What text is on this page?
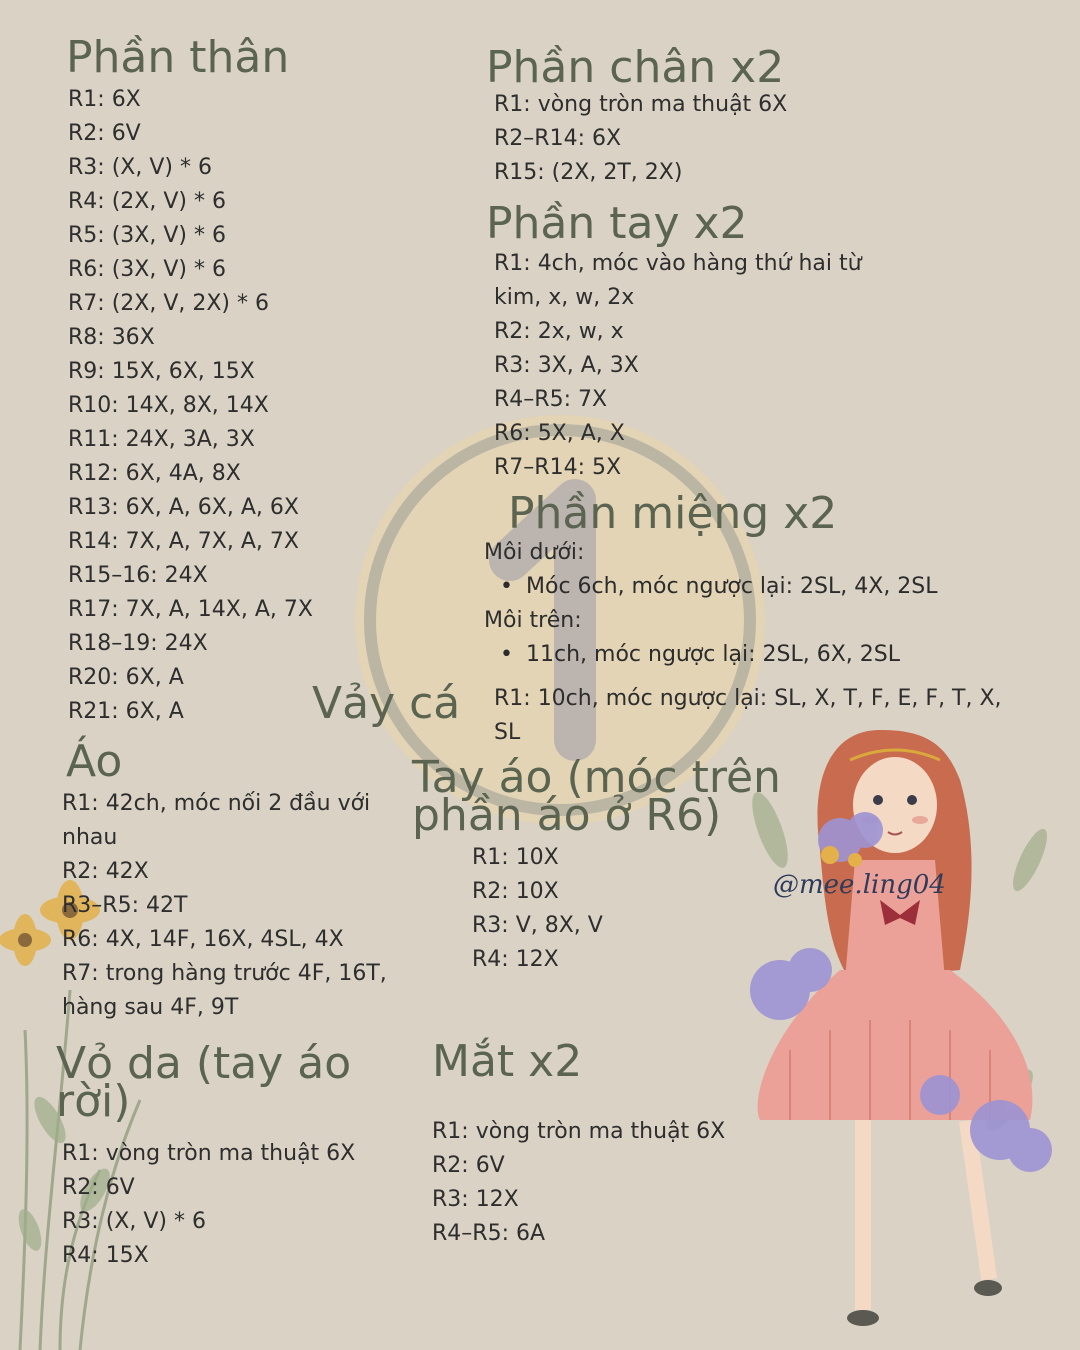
@mee.ling04
Phần thân
R1: 6X
R2: 6V
R3: (X, V) * 6
R4: (2X, V) * 6
R5: (3X, V) * 6
R6: (3X, V) * 6
R7: (2X, V, 2X) * 6
R8: 36X
R9: 15X, 6X, 15X
R10: 14X, 8X, 14X
R11: 24X, 3A, 3X
R12: 6X, 4A, 8X
R13: 6X, A, 6X, A, 6X
R14: 7X, A, 7X, A, 7X
R15–16: 24X
R17: 7X, A, 14X, A, 7X
R18–19: 24X
R20: 6X, A
R21: 6X, A
Phần chân x2
R1: vòng tròn ma thuật 6X
R2–R14: 6X
R15: (2X, 2T, 2X)
Phần tay x2
R1: 4ch, móc vào hàng thứ hai từ
kim, x, w, 2x
R2: 2x, w, x
R3: 3X, A, 3X
R4–R5: 7X
R6: 5X, A, X
R7–R14: 5X
Phần miệng x2
Môi dưới:
• Móc 6ch, móc ngược lại: 2SL, 4X, 2SL
Môi trên:
• 11ch, móc ngược lại: 2SL, 6X, 2SL
Vảy cá R1: 10ch, móc ngược lại: SL, X, T, F, E, F, T, X,
SL
Áo
R1: 42ch, móc nối 2 đầu với
nhau
R2: 42X
R3–R5: 42T
R6: 4X, 14F, 16X, 4SL, 4X
R7: trong hàng trước 4F, 16T,
hàng sau 4F, 9T
Tay áo (móc trên
phần áo ở R6)
R1: 10X
R2: 10X
R3: V, 8X, V
R4: 12X
Vỏ da (tay áo
rời)
R1: vòng tròn ma thuật 6X
R2: 6V
R3: (X, V) * 6
R4: 15X
Mắt x2
R1: vòng tròn ma thuật 6X
R2: 6V
R3: 12X
R4–R5: 6A
